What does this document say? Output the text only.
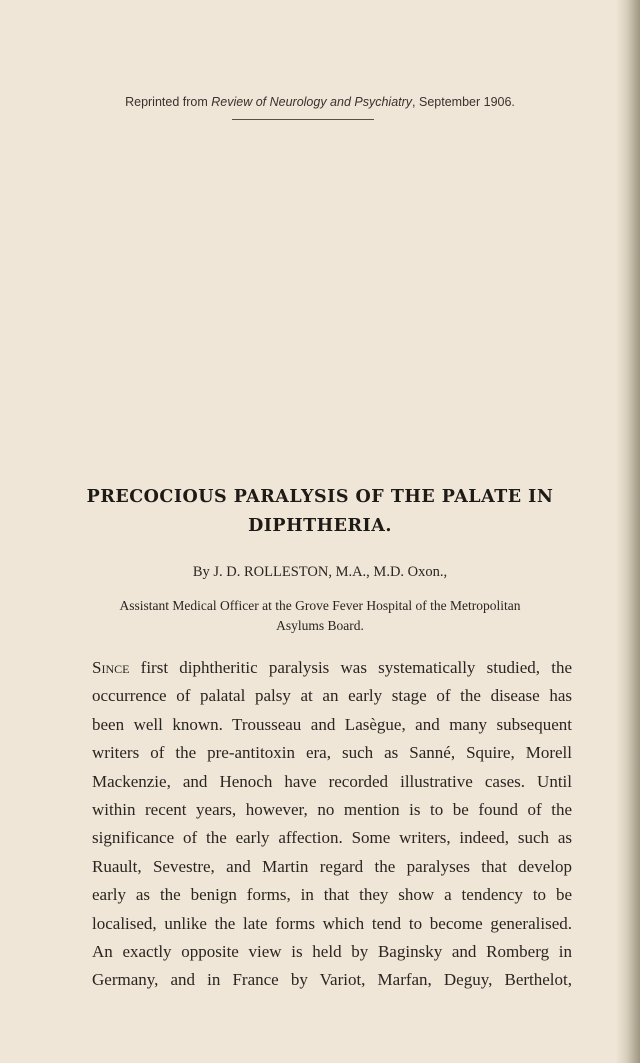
Reprinted from Review of Neurology and Psychiatry, September 1906.
PRECOCIOUS PARALYSIS OF THE PALATE IN
DIPHTHERIA.
By J. D. ROLLESTON, M.A., M.D. Oxon.,
Assistant Medical Officer at the Grove Fever Hospital of the Metropolitan
Asylums Board.
Since first diphtheritic paralysis was systematically studied, the
occurrence of palatal palsy at an early stage of the disease has
been well known. Trousseau and Lasègue, and many subsequent
writers of the pre-antitoxin era, such as Sanné, Squire, Morell
Mackenzie, and Henoch have recorded illustrative cases. Until
within recent years, however, no mention is to be found of the
significance of the early affection. Some writers, indeed, such as
Ruault, Sevestre, and Martin regard the paralyses that develop
early as the benign forms, in that they show a tendency to be
localised, unlike the late forms which tend to become generalised.
An exactly opposite view is held by Baginsky and Romberg in
Germany, and in France by Variot, Marfan, Deguy, Berthelot,
